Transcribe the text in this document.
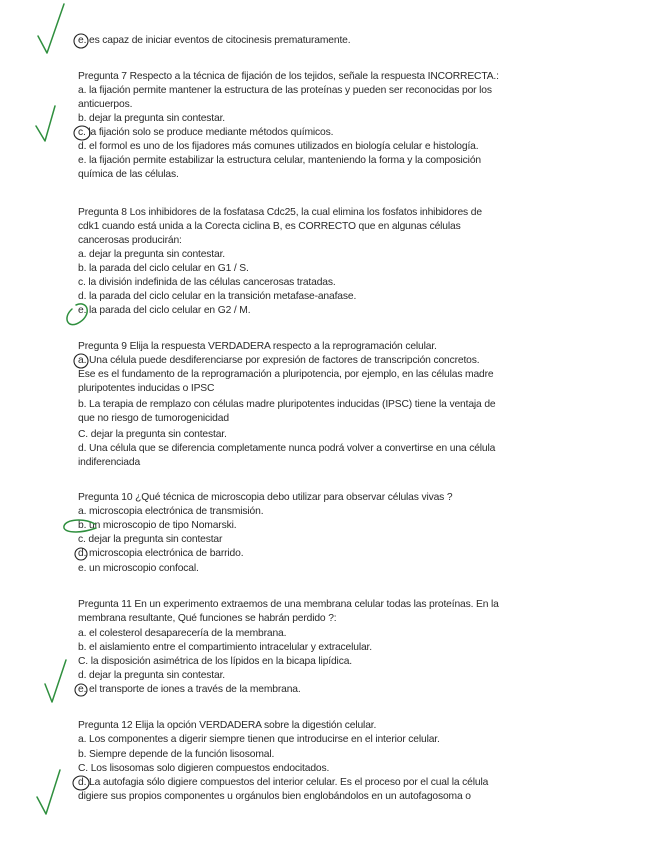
e. es capaz de iniciar eventos de citocinesis prematuramente.
Pregunta 7 Respecto a la técnica de fijación de los tejidos, señale la respuesta INCORRECTA.:
a. la fijación permite mantener la estructura de las proteínas y pueden ser reconocidas por los
anticuerpos.
b. dejar la pregunta sin contestar.
c. la fijación solo se produce mediante métodos químicos.
d. el formol es uno de los fijadores más comunes utilizados en biología celular e histología.
e. la fijación permite estabilizar la estructura celular, manteniendo la forma y la composición
química de las células.
Pregunta 8 Los inhibidores de la fosfatasa Cdc25, la cual elimina los fosfatos inhibidores de
cdk1 cuando está unida a la Corecta ciclina B, es CORRECTO que en algunas células
cancerosas producirán:
a. dejar la pregunta sin contestar.
b. la parada del ciclo celular en G1 / S.
c. la división indefinida de las células cancerosas tratadas.
d. la parada del ciclo celular en la transición metafase-anafase.
e. la parada del ciclo celular en G2 / M.
Pregunta 9 Elija la respuesta VERDADERA respecto a la reprogramación celular.
a. Una célula puede desdiferenciarse por expresión de factores de transcripción concretos.
Ese es el fundamento de la reprogramación a pluripotencia, por ejemplo, en las células madre
pluripotentes inducidas o IPSC
b. La terapia de remplazo con células madre pluripotentes inducidas (IPSC) tiene la ventaja de
que no riesgo de tumorogenicidad
C. dejar la pregunta sin contestar.
d. Una célula que se diferencia completamente nunca podrá volver a convertirse en una célula
indiferenciada
Pregunta 10 ¿Qué técnica de microscopia debo utilizar para observar células vivas ?
a. microscopia electrónica de transmisión.
b. un microscopio de tipo Nomarski.
c. dejar la pregunta sin contestar
d. microscopia electrónica de barrido.
e. un microscopio confocal.
Pregunta 11 En un experimento extraemos de una membrana celular todas las proteínas. En la
membrana resultante, Qué funciones se habrán perdido ?:
a. el colesterol desaparecería de la membrana.
b. el aislamiento entre el compartimiento intracelular y extracelular.
C. la disposición asimétrica de los lípidos en la bicapa lipídica.
d. dejar la pregunta sin contestar.
e. el transporte de iones a través de la membrana.
Pregunta 12 Elija la opción VERDADERA sobre la digestión celular.
a. Los componentes a digerir siempre tienen que introducirse en el interior celular.
b. Siempre depende de la función lisosomal.
C. Los lisosomas solo digieren compuestos endocitados.
d. La autofagia sólo digiere compuestos del interior celular. Es el proceso por el cual la célula
digiere sus propios componentes u orgánulos bien englobándolos en un autofagosoma o
